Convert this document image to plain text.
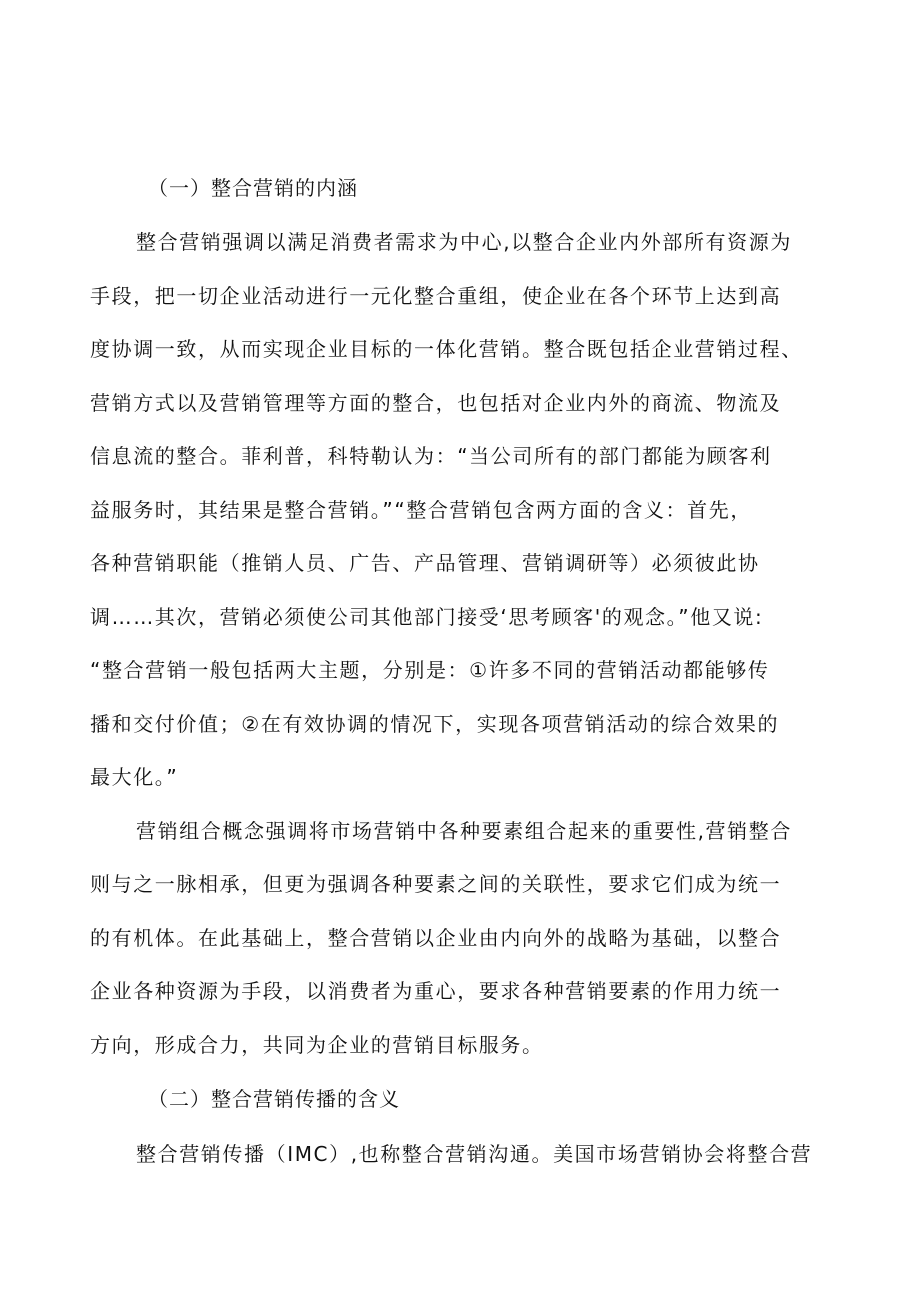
（一）整合营销的内涵
整合营销强调以满足消费者需求为中心,以整合企业内外部所有资源为
手段，把一切企业活动进行一元化整合重组，使企业在各个环节上达到高
度协调一致，从而实现企业目标的一体化营销。整合既包括企业营销过程、
营销方式以及营销管理等方面的整合，也包括对企业内外的商流、物流及
信息流的整合。菲利普，科特勒认为：“当公司所有的部门都能为顾客利
益服务时，其结果是整合营销。”“整合营销包含两方面的含义：首先，
各种营销职能（推销人员、广告、产品管理、营销调研等）必须彼此协
调……其次，营销必须使公司其他部门接受‘思考顾客'的观念。”他又说:
“整合营销一般包括两大主题，分别是：①许多不同的营销活动都能够传
播和交付价值；②在有效协调的情况下，实现各项营销活动的综合效果的
最大化。”
营销组合概念强调将市场营销中各种要素组合起来的重要性,营销整合
则与之一脉相承，但更为强调各种要素之间的关联性，要求它们成为统一
的有机体。在此基础上，整合营销以企业由内向外的战略为基础，以整合
企业各种资源为手段，以消费者为重心，要求各种营销要素的作用力统一
方向，形成合力，共同为企业的营销目标服务。
（二）整合营销传播的含义
整合营销传播（IMC）,也称整合营销沟通。美国市场营销协会将整合营
